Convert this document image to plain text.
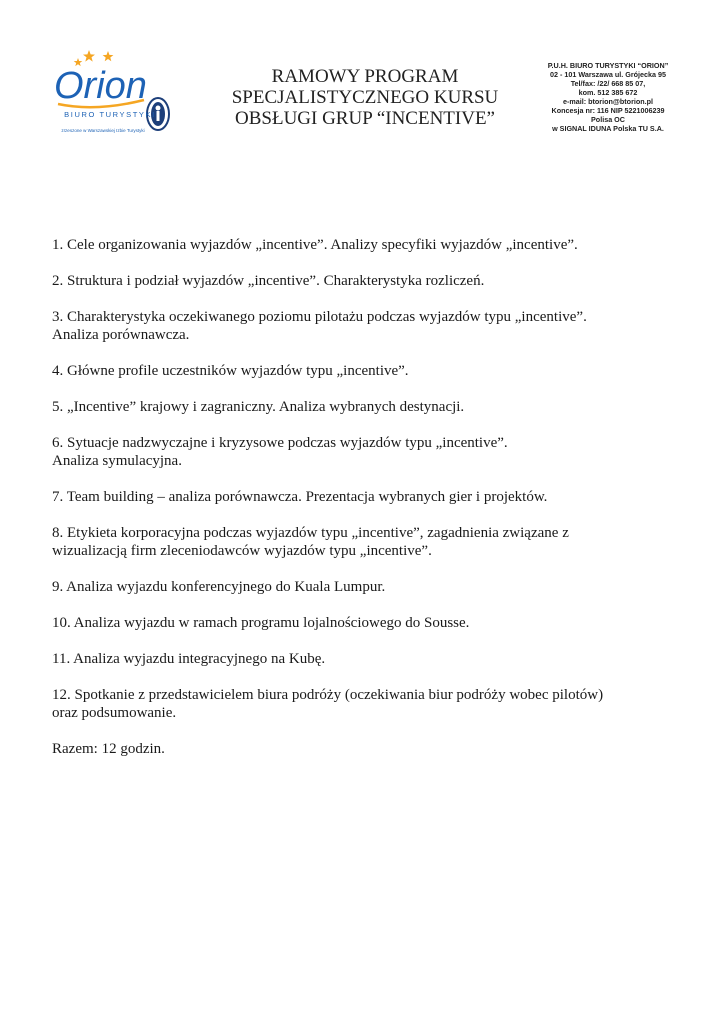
Orion
BIURO TURYSTYKI
zrzeszone w Warszawskiej Izbie Turystyki
RAMOWY PROGRAM
SPECJALISTYCZNEGO KURSU
OBSŁUGI GRUP “INCENTIVE”
P.U.H. BIURO TURYSTYKI “ORION”
02 - 101 Warszawa ul. Grójecka 95
Tel/fax: /22/ 668 85 07,
kom. 512 385 672
e-mail: btorion@btorion.pl
Koncesja nr: 116 NIP 5221006239
Polisa OC
w SIGNAL IDUNA Polska TU S.A.
1. Cele organizowania wyjazdów „incentive”. Analizy specyfiki wyjazdów „incentive”.
2. Struktura i podział wyjazdów „incentive”. Charakterystyka rozliczeń.
3. Charakterystyka oczekiwanego poziomu pilotażu podczas wyjazdów typu „incentive”.
Analiza porównawcza.
4. Główne profile uczestników wyjazdów typu „incentive”.
5. „Incentive” krajowy i zagraniczny. Analiza wybranych destynacji.
6. Sytuacje nadzwyczajne i kryzysowe podczas wyjazdów typu „incentive”.
Analiza symulacyjna.
7. Team building – analiza porównawcza. Prezentacja wybranych gier i projektów.
8. Etykieta korporacyjna podczas wyjazdów typu „incentive”, zagadnienia związane z
wizualizacją firm zleceniodawców wyjazdów typu „incentive”.
9. Analiza wyjazdu konferencyjnego do Kuala Lumpur.
10. Analiza wyjazdu w ramach programu lojalnościowego do Sousse.
11. Analiza wyjazdu integracyjnego na Kubę.
12. Spotkanie z przedstawicielem biura podróży (oczekiwania biur podróży wobec pilotów)
oraz podsumowanie.
Razem: 12 godzin.
